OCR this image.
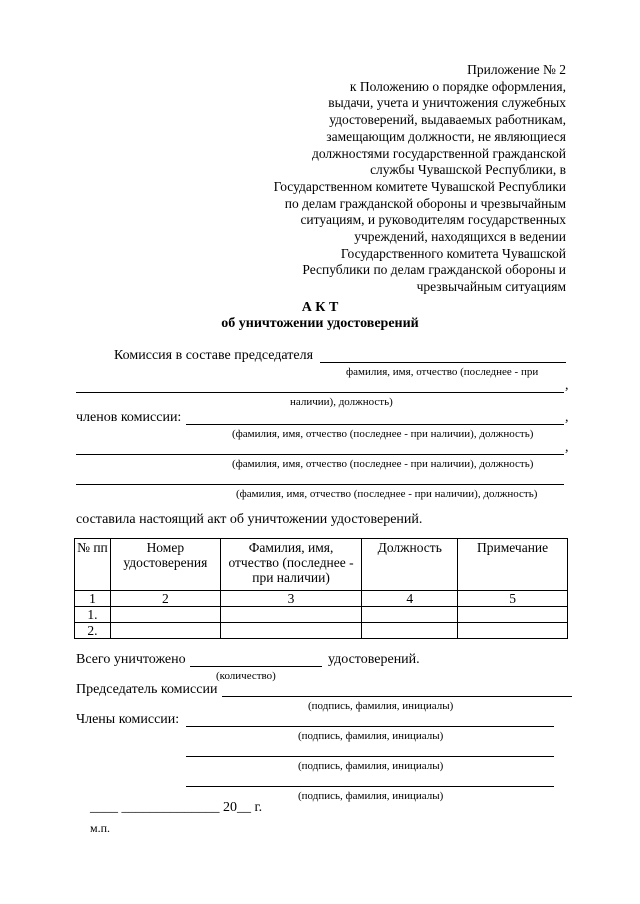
Приложение № 2
к Положению о порядке оформления,
выдачи, учета и уничтожения служебных
удостоверений, выдаваемых работникам,
замещающим должности, не являющиеся
должностями государственной гражданской
службы Чувашской Республики, в
Государственном комитете Чувашской Республики
по делам гражданской обороны и чрезвычайным
ситуациям, и руководителям государственных
учреждений, находящихся в ведении
Государственного комитета Чувашской
Республики по делам гражданской обороны и
чрезвычайным ситуациям
А К Т
об уничтожении удостоверений
Комиссия в составе председателя
фамилия, имя, отчество (последнее - при
,
наличии), должность)
членов комиссии:	,
(фамилия, имя, отчество (последнее - при наличии), должность)
,
(фамилия, имя, отчество (последнее - при наличии), должность)
(фамилия, имя, отчество (последнее - при наличии), должность)
составила настоящий акт об уничтожении удостоверений.
№ пп	Номер удостоверения	Фамилия, имя, отчество (последнее - при наличии)	Должность	Примечание
1	2	3	4	5
1.				
2.				
Всего уничтожено	удостоверений.
(количество)
Председатель комиссии
(подпись, фамилия, инициалы)
Члены комиссии:
(подпись, фамилия, инициалы)
(подпись, фамилия, инициалы)
(подпись, фамилия, инициалы)
____ ______________ 20__ г.
м.п.
